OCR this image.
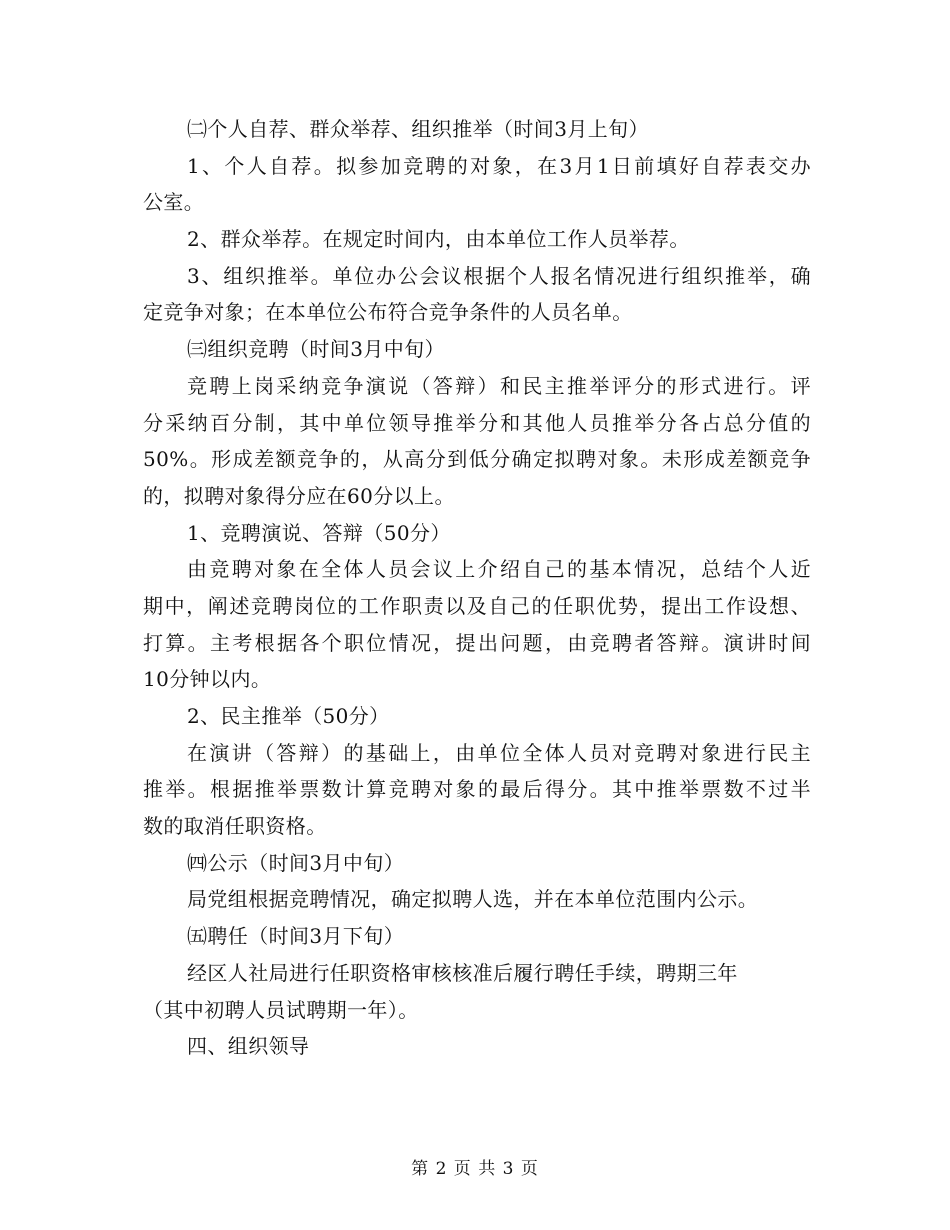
㈡个人自荐、群众举荐、组织推举（时间3月上旬）
1、个人自荐。拟参加竞聘的对象，在3月1日前填好自荐表交办
公室。
2、群众举荐。在规定时间内，由本单位工作人员举荐。
3、组织推举。单位办公会议根据个人报名情况进行组织推举，确
定竞争对象；在本单位公布符合竞争条件的人员名单。
㈢组织竞聘（时间3月中旬）
竞聘上岗采纳竞争演说（答辩）和民主推举评分的形式进行。评
分采纳百分制，其中单位领导推举分和其他人员推举分各占总分值的
50%。形成差额竞争的，从高分到低分确定拟聘对象。未形成差额竞争
的，拟聘对象得分应在60分以上。
1、竞聘演说、答辩（50分）
由竞聘对象在全体人员会议上介绍自己的基本情况，总结个人近
期中，阐述竞聘岗位的工作职责以及自己的任职优势，提出工作设想、
打算。主考根据各个职位情况，提出问题，由竞聘者答辩。演讲时间
10分钟以内。
2、民主推举（50分）
在演讲（答辩）的基础上，由单位全体人员对竞聘对象进行民主
推举。根据推举票数计算竞聘对象的最后得分。其中推举票数不过半
数的取消任职资格。
㈣公示（时间3月中旬）
局党组根据竞聘情况，确定拟聘人选，并在本单位范围内公示。
㈤聘任（时间3月下旬）
经区人社局进行任职资格审核核准后履行聘任手续，聘期三年
（其中初聘人员试聘期一年）。
四、组织领导
第 2 页 共 3 页
